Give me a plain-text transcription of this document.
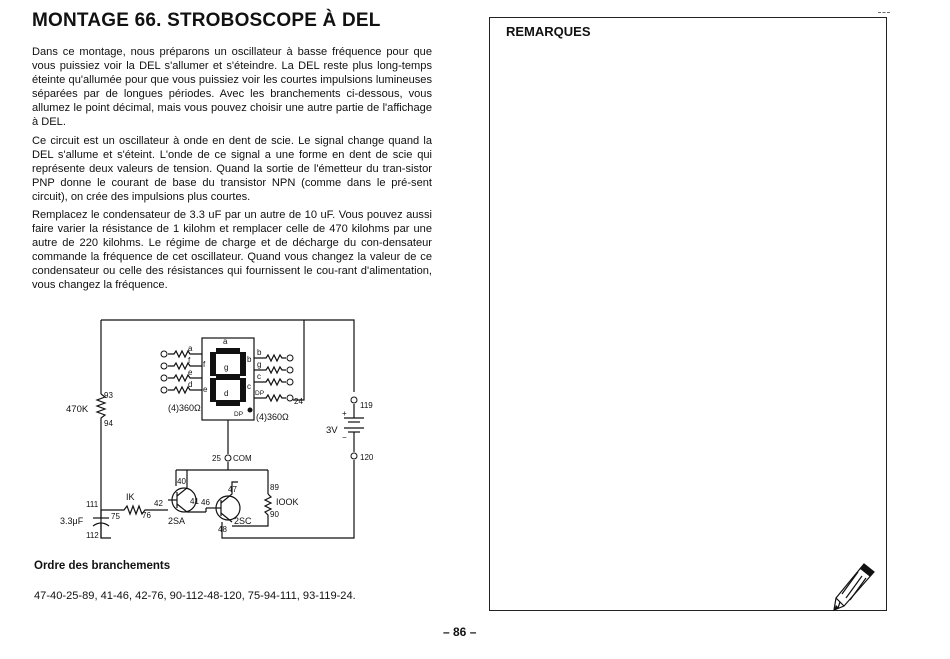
MONTAGE 66. STROBOSCOPE À DEL

Dans ce montage, nous préparons un oscillateur à basse fréquence pour que vous puissiez voir la DEL s'allumer et s'éteindre. La DEL reste plus long-temps éteinte qu'allumée pour que vous puissiez voir les courtes impulsions lumineuses séparées par de longues périodes. Avec les branchements ci-dessous, vous allumez le point décimal, mais vous pouvez choisir une autre partie de l'affichage à DEL.

Ce circuit est un oscillateur à onde en dent de scie. Le signal change quand la DEL s'allume et s'éteint. L'onde de ce signal a une forme en dent de scie qui représente deux valeurs de tension. Quand la sortie de l'émetteur du tran-sistor PNP donne le courant de base du transistor NPN (comme dans le pré-sent circuit), on crée des impulsions plus courtes.

Remplacez le condensateur de 3.3 uF par un autre de 10 uF. Vous pouvez aussi faire varier la résistance de 1 kilohm et remplacer celle de 470 kilohms par une autre de 220 kilohms. Le régime de charge et de décharge du con-densateur commande la fréquence de cet oscillateur. Quand vous changez la valeur de ce condensateur ou celle des résistances qui fournissent le cou-rant d'alimentation, vous changez la fréquence.

a
b
c
d
e
f g
DP
a
f
e
d
b
g
c
DP
(4)360Ω
(4)360Ω
470K
93
94
24	119
120
+
−
3V
25 COM
40
47	89
IOOK
90
IK
42	41 46
111
75	76
2SA	2SC
48
3.3μF
112
Ordre des branchements
47-40-25-89, 41-46, 42-76, 90-112-48-120, 75-94-111, 93-119-24.
REMARQUES
– 86 –
